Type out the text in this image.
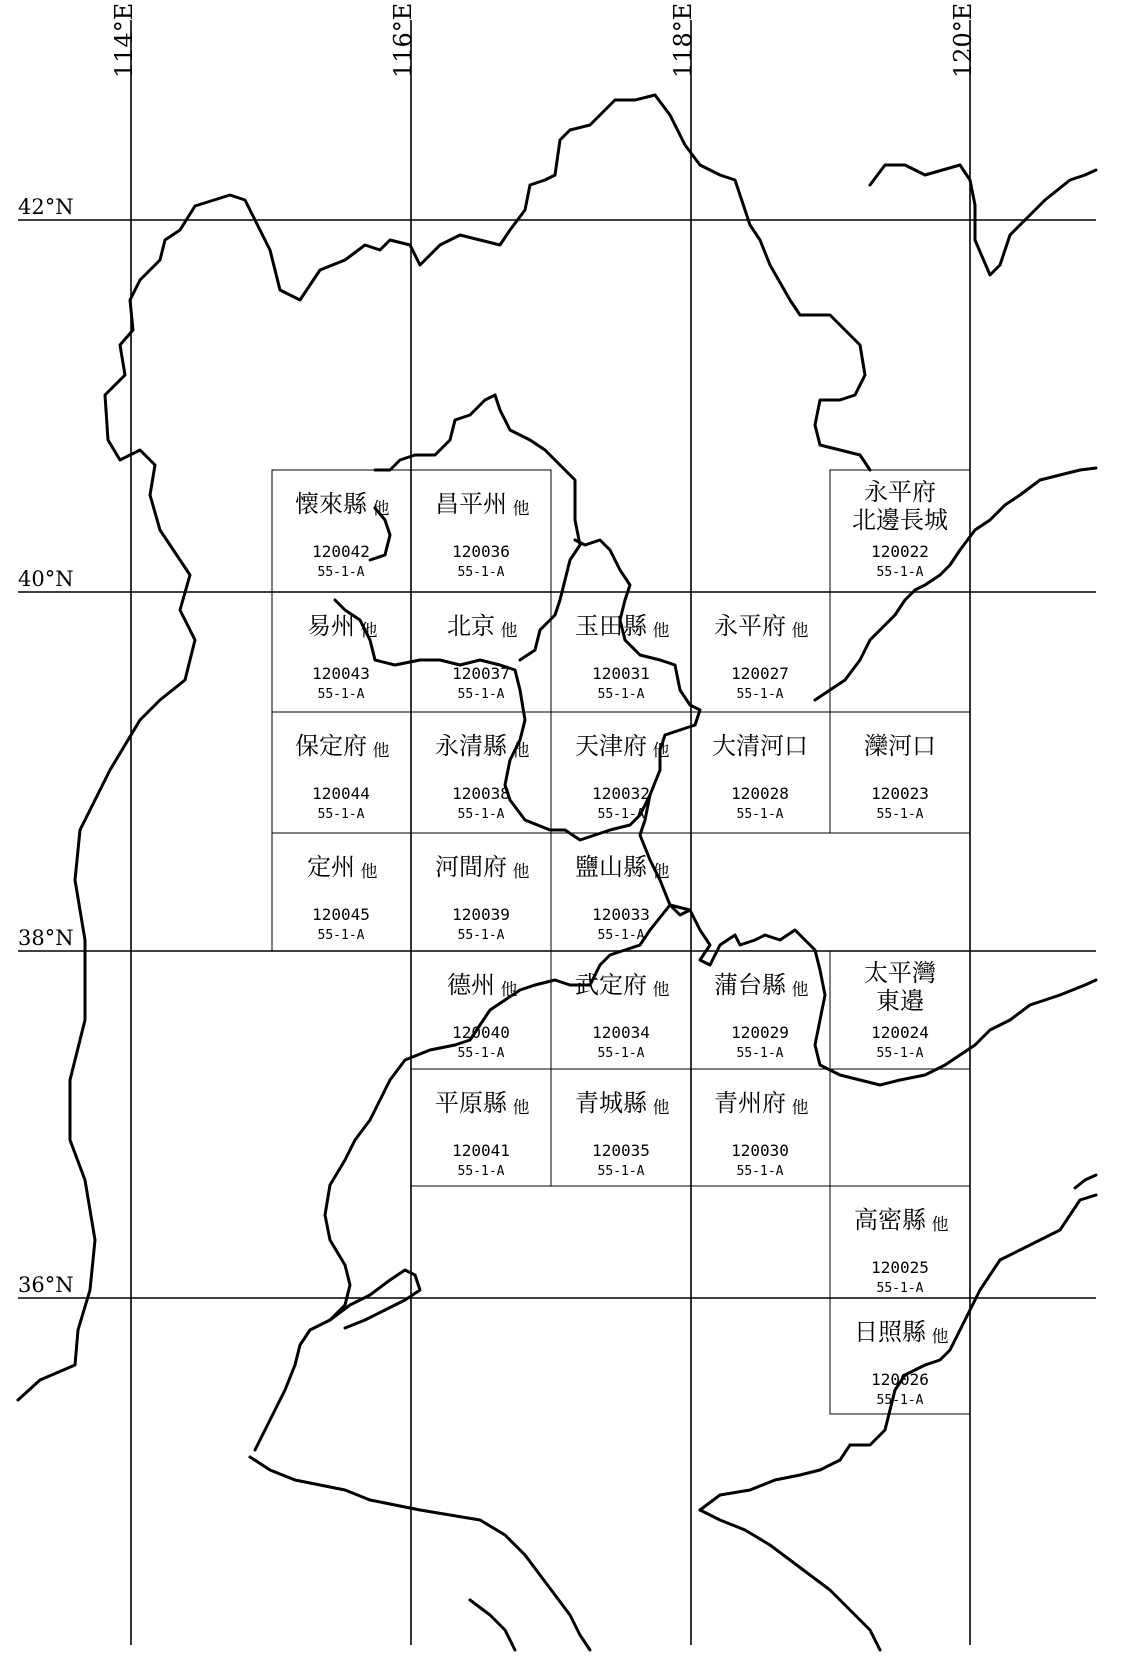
114°E	116°E	118°E	120°E
42°N
40°N
38°N
36°N
懐來縣 他
120042
55-1-A
昌平州 他
120036
55-1-A
永平府
北邊長城
120022
55-1-A
易州 他
120043
55-1-A
北京 他
120037
55-1-A
玉田縣 他
120031
55-1-A
永平府 他
120027
55-1-A
保定府 他
120044
55-1-A
永清縣 他
120038
55-1-A
天津府 他
120032
55-1-A
大清河口
120028
55-1-A
灤河口
120023
55-1-A
定州 他
120045
55-1-A
河間府 他
120039
55-1-A
鹽山縣 他
120033
55-1-A
德州 他
120040
55-1-A
武定府 他
120034
55-1-A
蒲台縣 他
120029
55-1-A
太平灣
東邉
120024
55-1-A
平原縣 他
120041
55-1-A
青城縣 他
120035
55-1-A
青州府 他
120030
55-1-A
高密縣 他
120025
55-1-A
日照縣 他
120026
55-1-A
